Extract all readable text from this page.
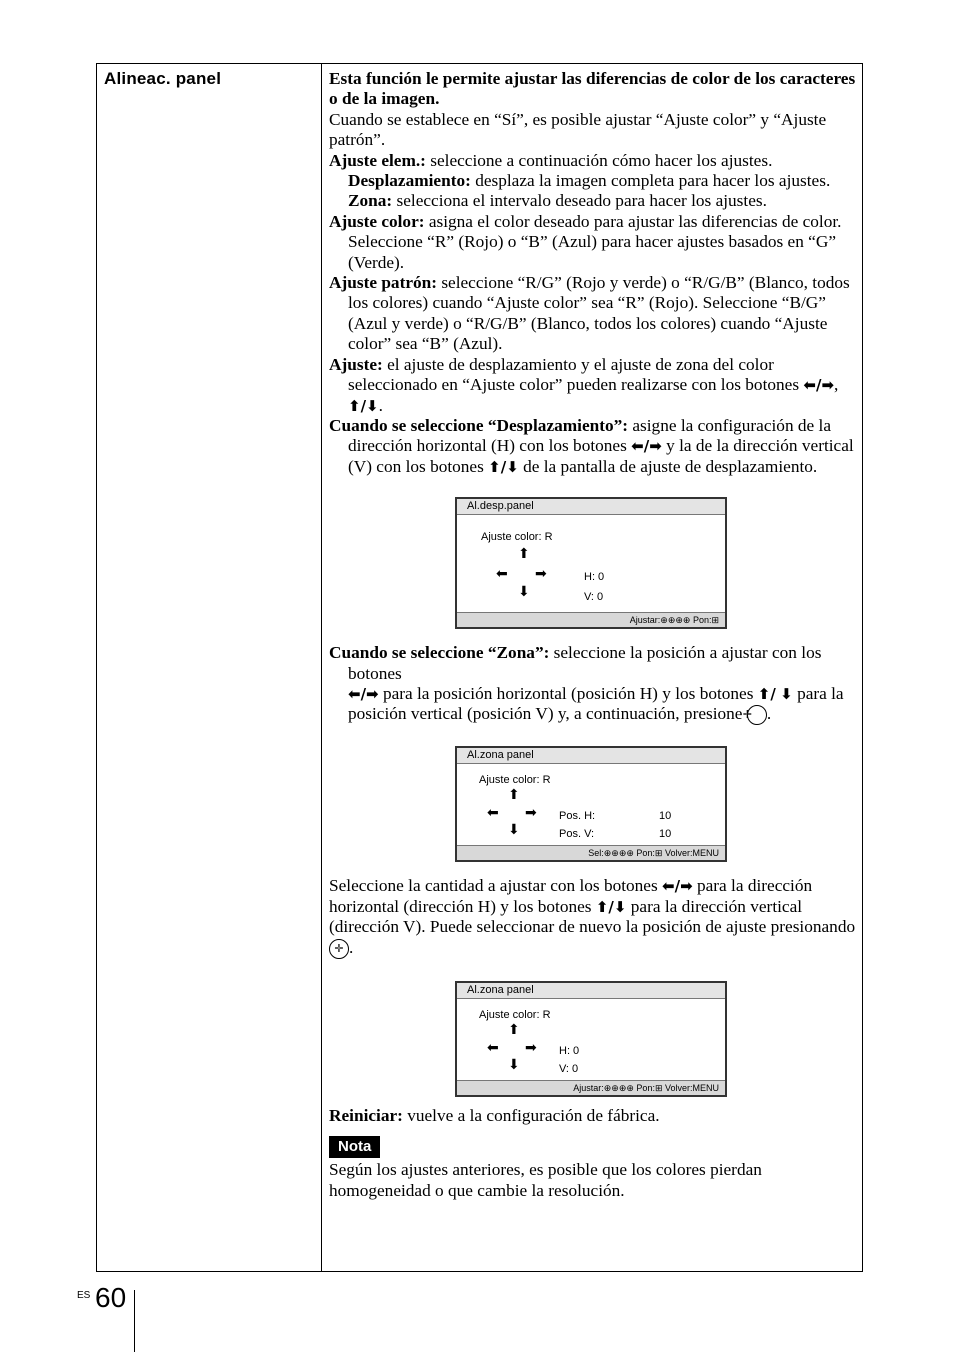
Alineac. panel	Esta función le permite ajustar las diferencias de color de los caracteres o de la imagen.

Cuando se establece en “Sí”, es posible ajustar “Ajuste color” y “Ajuste patrón”.

Ajuste elem.: seleccione a continuación cómo hacer los ajustes.

Desplazamiento: desplaza la imagen completa para hacer los ajustes.

Zona: selecciona el intervalo deseado para hacer los ajustes.

Ajuste color: asigna el color deseado para ajustar las diferencias de color. Seleccione “R” (Rojo) o “B” (Azul) para hacer ajustes basados en “G” (Verde).

Ajuste patrón: seleccione “R/G” (Rojo y verde) o “R/G/B” (Blanco, todos los colores) cuando “Ajuste color” sea “R” (Rojo). Seleccione “B/G” (Azul y verde) o “R/G/B” (Blanco, todos los colores) cuando “Ajuste color” sea “B” (Azul).

Ajuste: el ajuste de desplazamiento y el ajuste de zona del color seleccionado en “Ajuste color” pueden realizarse con los botones ⬅/➡, ⬆/⬇.

Cuando se seleccione “Desplazamiento”: asigne la configuración de la dirección horizontal (H) con los botones ⬅/➡ y la de la dirección vertical (V) con los botones ⬆/⬇ de la pantalla de ajuste de desplazamiento.

Al.desp.panel
Ajuste color: R
⬆
⬅ ➡
⬇
H: 0
V: 0
Ajustar:⊕⊕⊕⊕ Pon:⊞

Cuando se seleccione “Zona”: seleccione la posición a ajustar con los botones
⬅/➡ para la posición horizontal (posición H) y los botones ⬆/ ⬇ para la posición vertical (posición V) y, a continuación, presione ✛ .

Al.zona panel
Ajuste color: R
⬆
⬅ ➡
⬇
Pos. H:	10
Pos. V:	10
Sel:⊕⊕⊕⊕ Pon:⊞ Volver:MENU

Seleccione la cantidad a ajustar con los botones ⬅/➡ para la dirección horizontal (dirección H) y los botones ⬆/⬇ para la dirección vertical (dirección V). Puede seleccionar de nuevo la posición de ajuste presionando ✛ .

Al.zona panel
Ajuste color: R
⬆
⬅ ➡
⬇
H: 0
V: 0
Ajustar:⊕⊕⊕⊕ Pon:⊞ Volver:MENU

Reiniciar: vuelve a la configuración de fábrica.

Nota

Según los ajustes anteriores, es posible que los colores pierdan homogeneidad o que cambie la resolución.

ES 60
